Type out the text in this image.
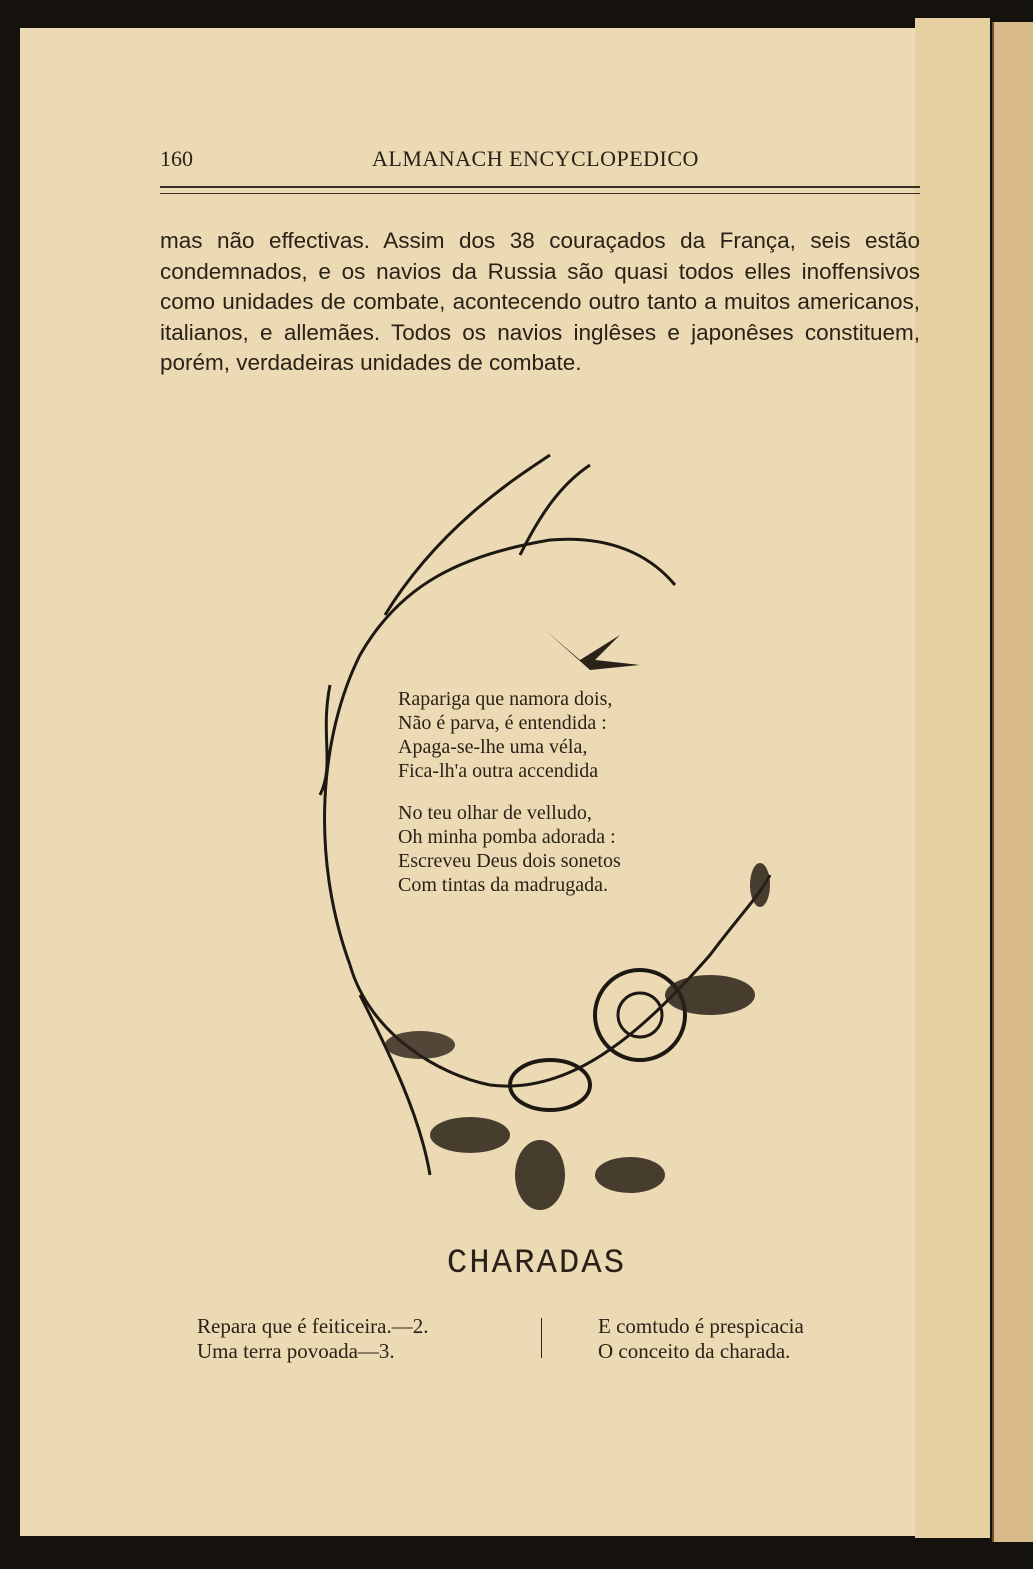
160	ALMANACH ENCYCLOPEDICO

mas não effectivas. Assim dos 38 couraçados da França, seis estão condemnados, e os navios da Russia são quasi todos elles inoffensivos como unidades de combate, acontecendo outro tanto a muitos americanos, italianos, e allemães. Todos os navios inglêses e japonêses constituem, porém, verdadeiras unidades de combate.

Rapariga que namora dois,
Não é parva, é entendida :
Apaga-se-lhe uma véla,
Fica-lh'a outra accendida
No teu olhar de velludo,
Oh minha pomba adorada :
Escreveu Deus dois sonetos
Com tintas da madrugada.
CHARADAS
Repara que é feiticeira.—2.
Uma terra povoada—3.
E comtudo é prespicacia
O conceito da charada.
